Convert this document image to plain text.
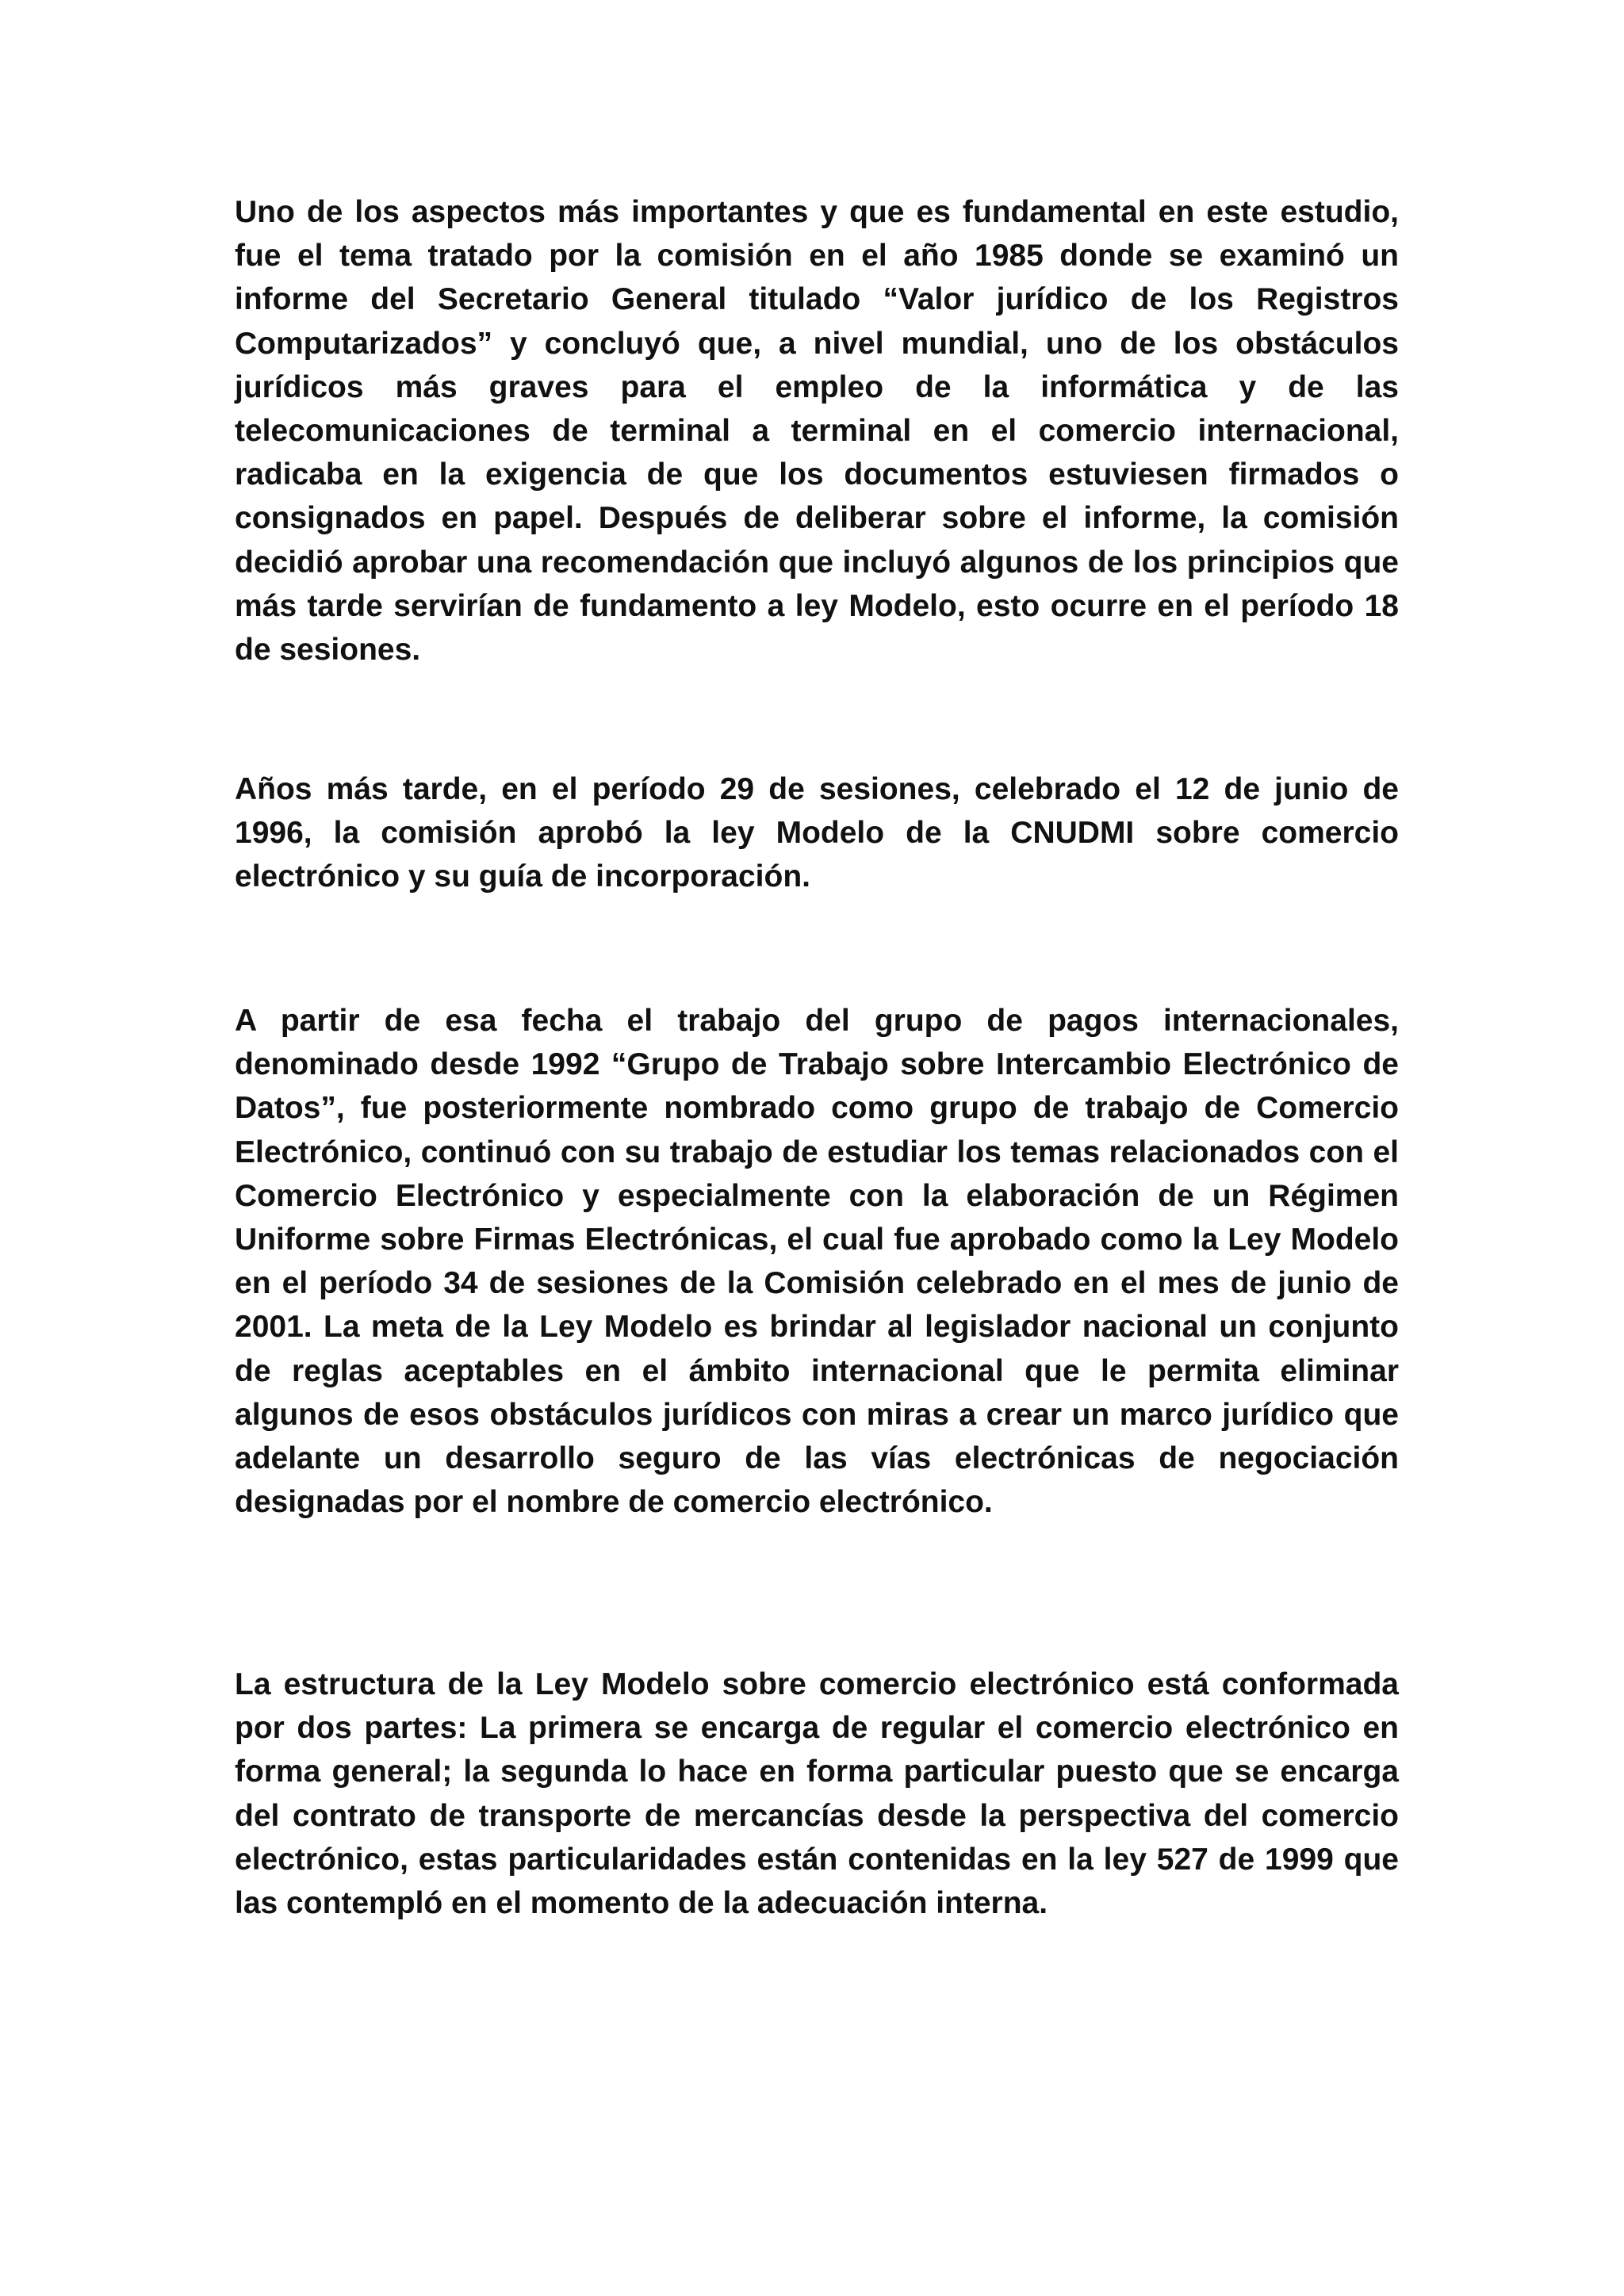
Uno de los aspectos más importantes y que es fundamental en este estudio, fue el tema tratado por la comisión en el año 1985 donde se examinó un informe del Secretario General titulado “Valor jurídico de los Registros Computarizados” y concluyó que, a nivel mundial, uno de los obstáculos jurídicos más graves para el empleo de la informática y de las telecomunicaciones de terminal a terminal en el comercio internacional, radicaba en la exigencia de que los documentos estuviesen firmados o consignados en papel. Después de deliberar sobre el informe, la comisión decidió aprobar una recomendación que incluyó algunos de los principios que más tarde servirían de fundamento a ley Modelo, esto ocurre en el período 18 de sesiones.

Años más tarde, en el período 29 de sesiones, celebrado el 12 de junio de 1996, la comisión aprobó la ley Modelo de la CNUDMI sobre comercio electrónico y su guía de incorporación.

A partir de esa fecha el trabajo del grupo de pagos internacionales, denominado desde 1992 “Grupo de Trabajo sobre Intercambio Electrónico de Datos”, fue posteriormente nombrado como grupo de trabajo de Comercio Electrónico, continuó con su trabajo de estudiar los temas relacionados con el Comercio Electrónico y especialmente con la elaboración de un Régimen Uniforme sobre Firmas Electrónicas, el cual fue aprobado como la Ley Modelo en el período 34 de sesiones de la Comisión celebrado en el mes de junio de 2001. La meta de la Ley Modelo es brindar al legislador nacional un conjunto de reglas aceptables en el ámbito internacional que le permita eliminar algunos de esos obstáculos jurídicos con miras a crear un marco jurídico que adelante un desarrollo seguro de las vías electrónicas de negociación designadas por el nombre de comercio electrónico.

La estructura de la Ley Modelo sobre comercio electrónico está conformada por dos partes: La primera se encarga de regular el comercio electrónico en forma general; la segunda lo hace en forma particular puesto que se encarga del contrato de transporte de mercancías desde la perspectiva del comercio electrónico, estas particularidades están contenidas en la ley 527 de 1999 que las contempló en el momento de la adecuación interna.
